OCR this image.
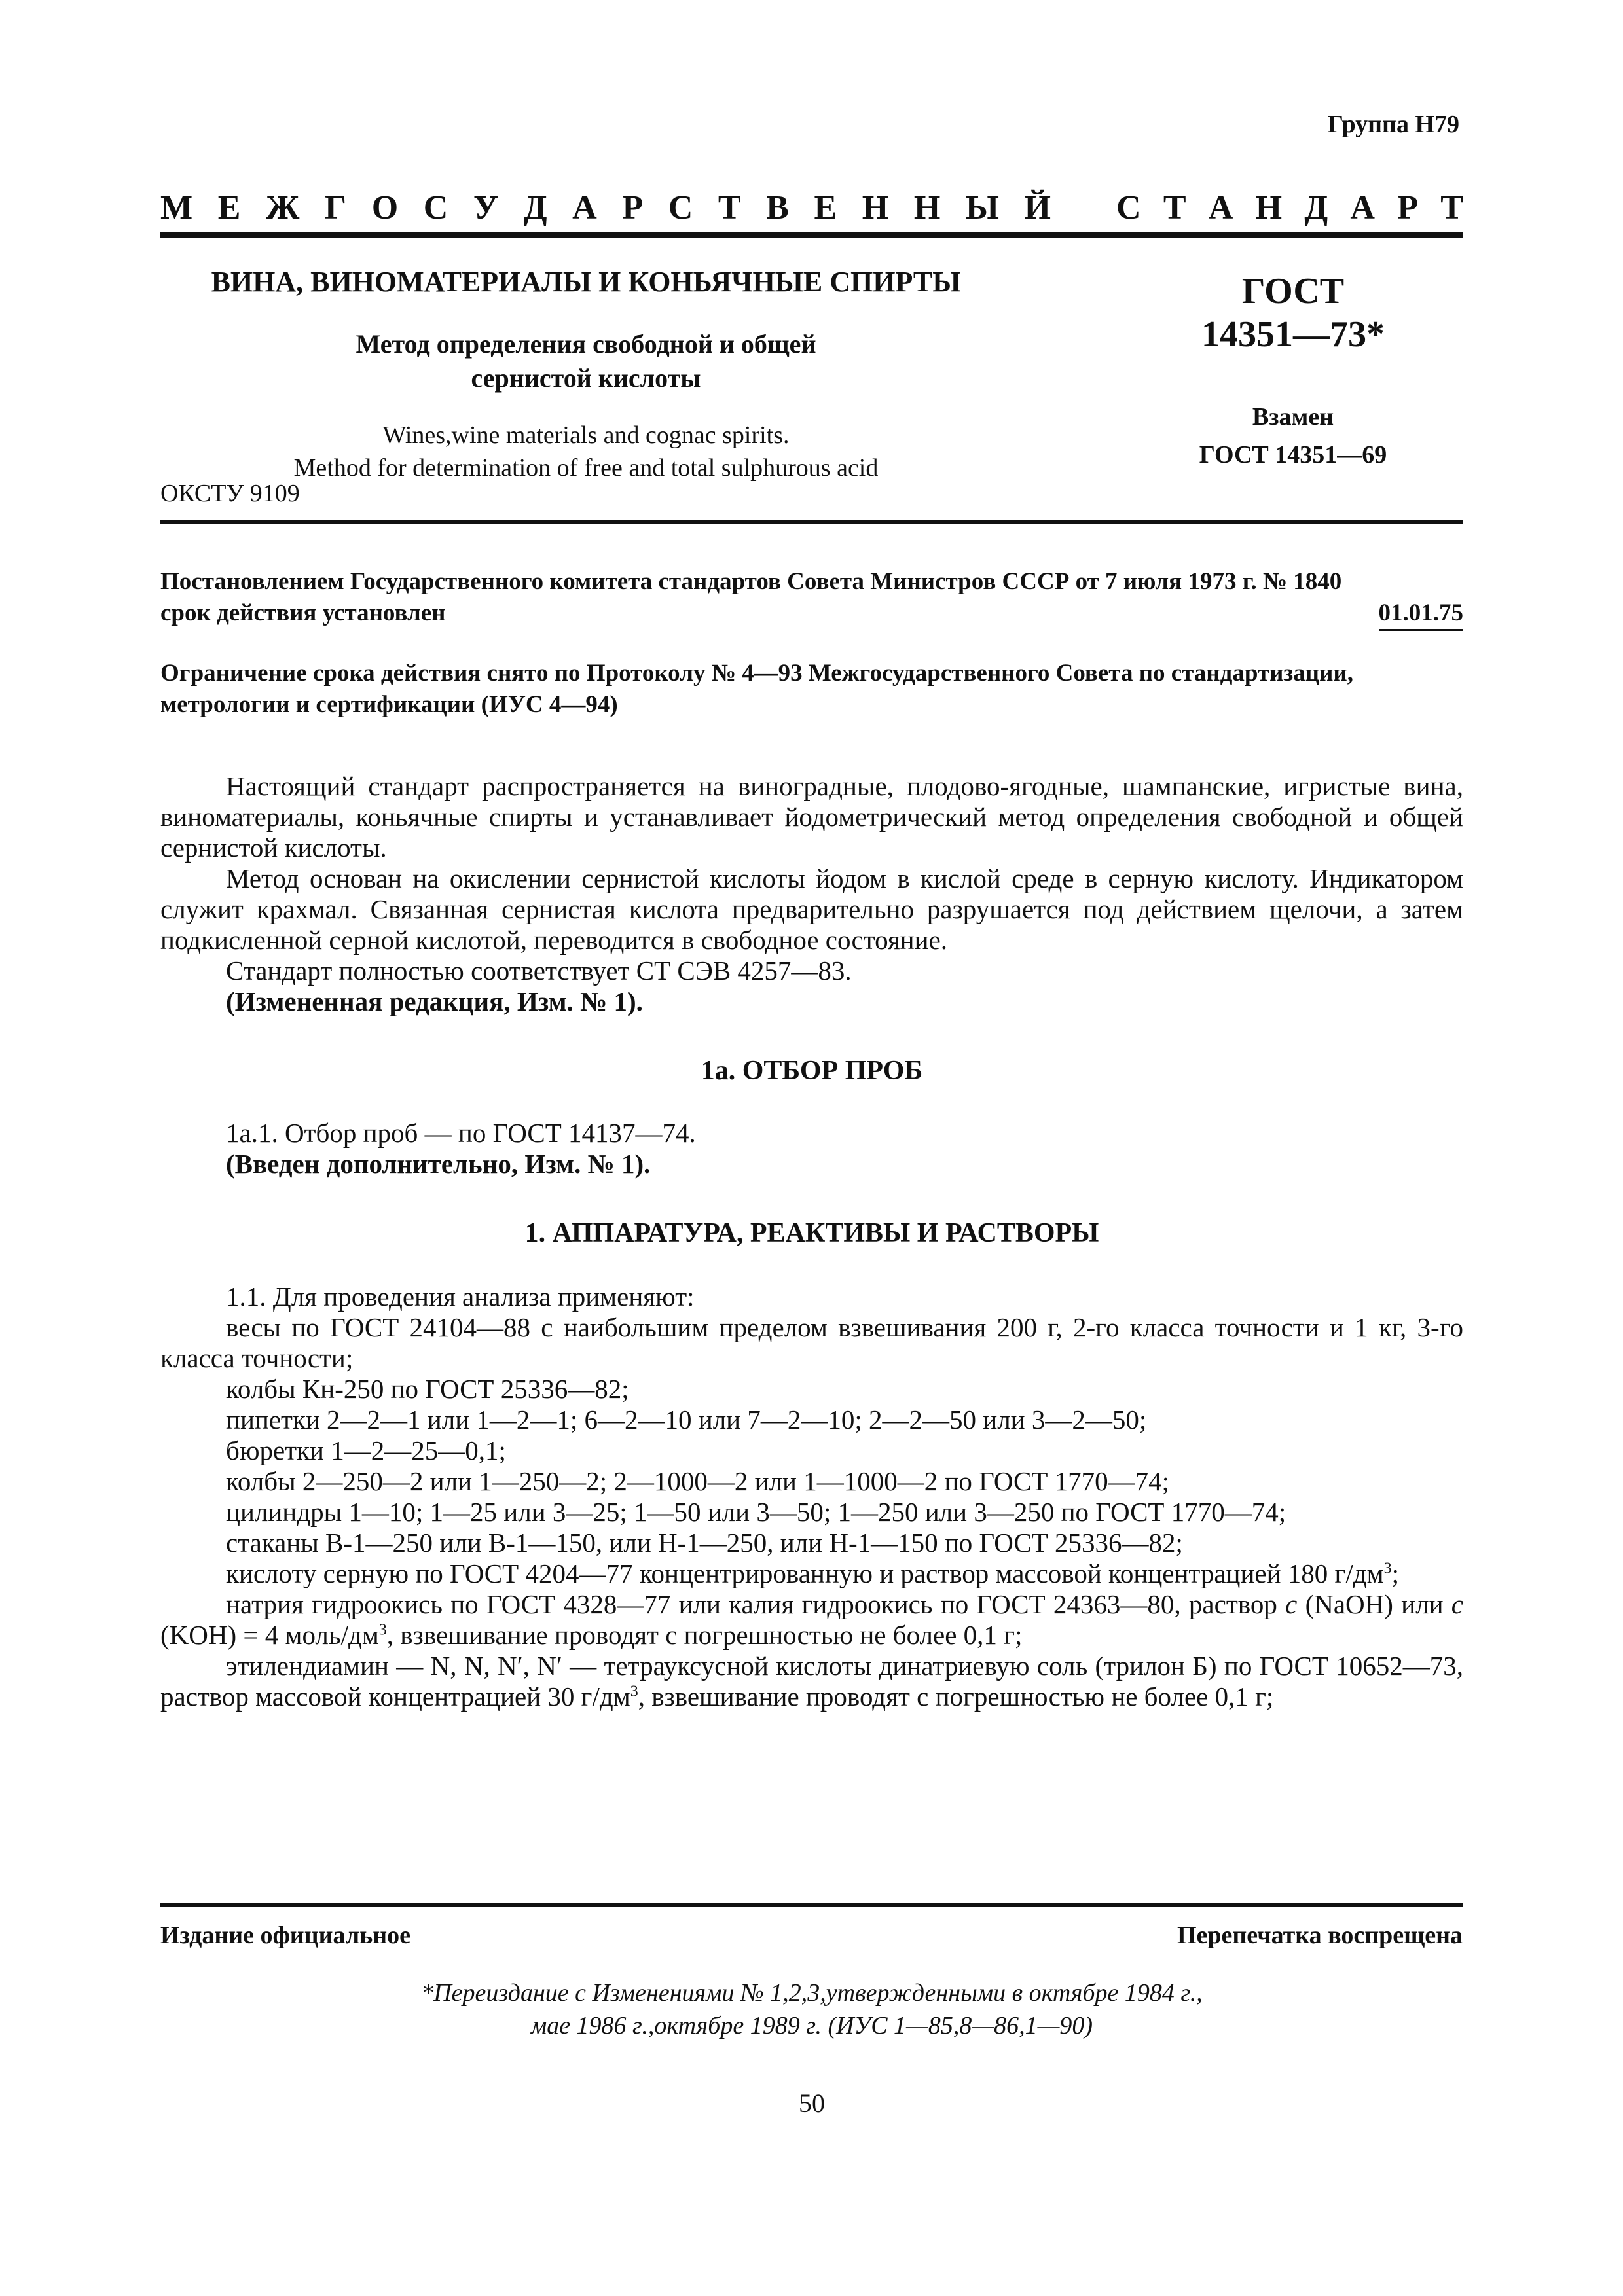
Группа Н79
М Е Ж Г О С У Д А Р С Т В Е Н Н Ы Й С Т А Н Д А Р Т
ВИНА, ВИНОМАТЕРИАЛЫ И КОНЬЯЧНЫЕ СПИРТЫ
Метод определения свободной и общей
сернистой кислоты
Wines,wine materials and cognac spirits.
Method for determination of free and total sulphurous acid
ОКСТУ 9109
ГОСТ
14351—73*
Взамен
ГОСТ 14351—69
Постановлением Государственного комитета стандартов Совета Министров СССР от 7 июля 1973 г. № 1840
срок действия установлен	01.01.75
Ограничение срока действия снято по Протоколу № 4—93 Межгосударственного Совета по стандартизации,
метрологии и сертификации (ИУС 4—94)

Настоящий стандарт распространяется на виноградные, плодово-ягодные, шампанские, игристые вина, виноматериалы, коньячные спирты и устанавливает йодометрический метод определения свободной и общей сернистой кислоты.

Метод основан на окислении сернистой кислоты йодом в кислой среде в серную кислоту. Индикатором служит крахмал. Связанная сернистая кислота предварительно разрушается под действием щелочи, а затем подкисленной серной кислотой, переводится в свободное состояние.

Стандарт полностью соответствует СТ СЭВ 4257—83.

(Измененная редакция, Изм. № 1).

1а. ОТБОР ПРОБ

1а.1. Отбор проб — по ГОСТ 14137—74.

(Введен дополнительно, Изм. № 1).

1. АППАРАТУРА, РЕАКТИВЫ И РАСТВОРЫ

1.1. Для проведения анализа применяют:

весы по ГОСТ 24104—88 с наибольшим пределом взвешивания 200 г, 2-го класса точности и 1 кг, 3-го класса точности;

колбы Кн-250 по ГОСТ 25336—82;

пипетки 2—2—1 или 1—2—1; 6—2—10 или 7—2—10; 2—2—50 или 3—2—50;

бюретки 1—2—25—0,1;

колбы 2—250—2 или 1—250—2; 2—1000—2 или 1—1000—2 по ГОСТ 1770—74;

цилиндры 1—10; 1—25 или 3—25; 1—50 или 3—50; 1—250 или 3—250 по ГОСТ 1770—74;

стаканы В-1—250 или В-1—150, или Н-1—250, или Н-1—150 по ГОСТ 25336—82;

кислоту серную по ГОСТ 4204—77 концентрированную и раствор массовой концентрацией 180 $г/дм^3$;

натрия гидроокись по ГОСТ 4328—77 или калия гидроокись по ГОСТ 24363—80, раствор c (NaOH) или c (KOH) = 4 моль/$дм^3$, взвешивание проводят с погрешностью не более 0,1 г;

этилендиамин — N, N, N′, N′ — тетрауксусной кислоты динатриевую соль (трилон Б) по ГОСТ 10652—73, раствор массовой концентрацией 30 $г/дм^3$, взвешивание проводят с погрешностью не более 0,1 г;

Издание официальное	Перепечатка воспрещена
*Переиздание с Изменениями № 1,2,3,утвержденными в октябре 1984 г.,
мае 1986 г.,октябре 1989 г. (ИУС 1—85,8—86,1—90)
50
